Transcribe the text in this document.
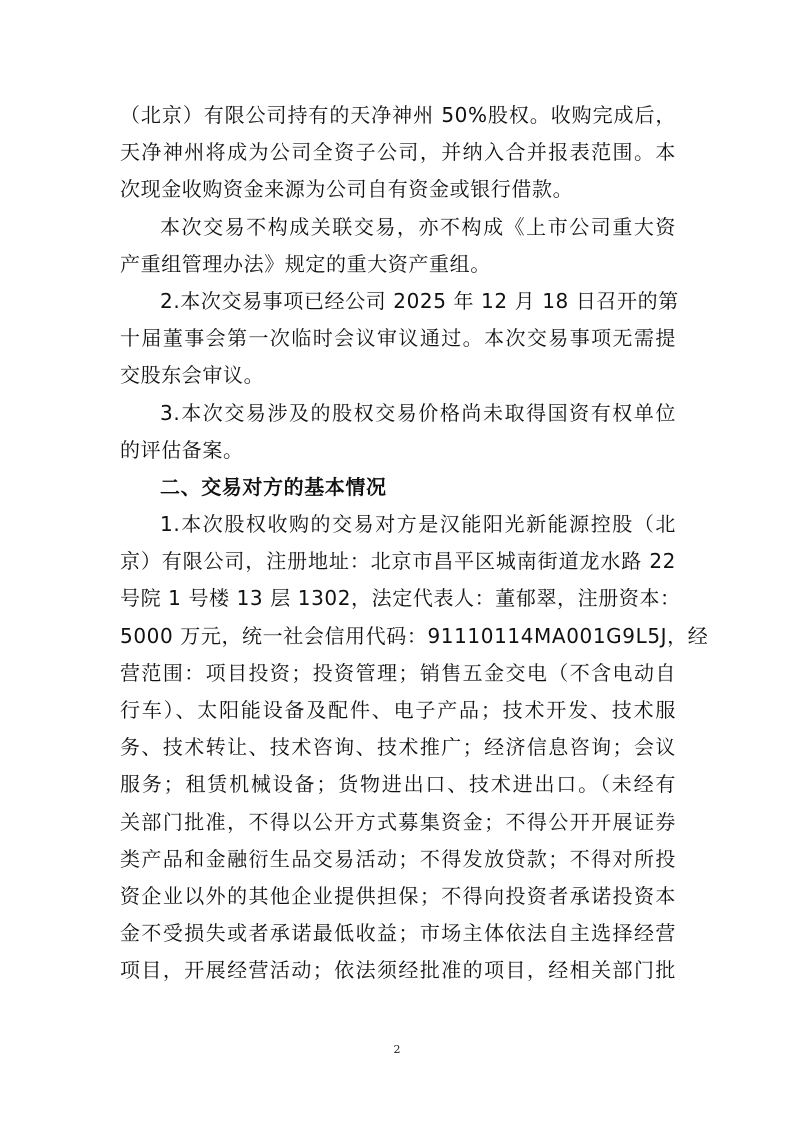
（北京）有限公司持有的天净神州 50%股权。收购完成后，
天净神州将成为公司全资子公司，并纳入合并报表范围。本
次现金收购资金来源为公司自有资金或银行借款。
本次交易不构成关联交易，亦不构成《上市公司重大资
产重组管理办法》规定的重大资产重组。
2.本次交易事项已经公司 2025 年 12 月 18 日召开的第
十届董事会第一次临时会议审议通过。本次交易事项无需提
交股东会审议。
3.本次交易涉及的股权交易价格尚未取得国资有权单位
的评估备案。
二、交易对方的基本情况
1.本次股权收购的交易对方是汉能阳光新能源控股（北
京）有限公司，注册地址：北京市昌平区城南街道龙水路 22
号院 1 号楼 13 层 1302，法定代表人：董郁翠，注册资本：
5000 万元，统一社会信用代码：91110114MA001G9L5J，经
营范围：项目投资；投资管理；销售五金交电（不含电动自
行车）、太阳能设备及配件、电子产品；技术开发、技术服
务、技术转让、技术咨询、技术推广；经济信息咨询；会议
服务；租赁机械设备；货物进出口、技术进出口。（未经有
关部门批准，不得以公开方式募集资金；不得公开开展证券
类产品和金融衍生品交易活动；不得发放贷款；不得对所投
资企业以外的其他企业提供担保；不得向投资者承诺投资本
金不受损失或者承诺最低收益；市场主体依法自主选择经营
项目，开展经营活动；依法须经批准的项目，经相关部门批
2
